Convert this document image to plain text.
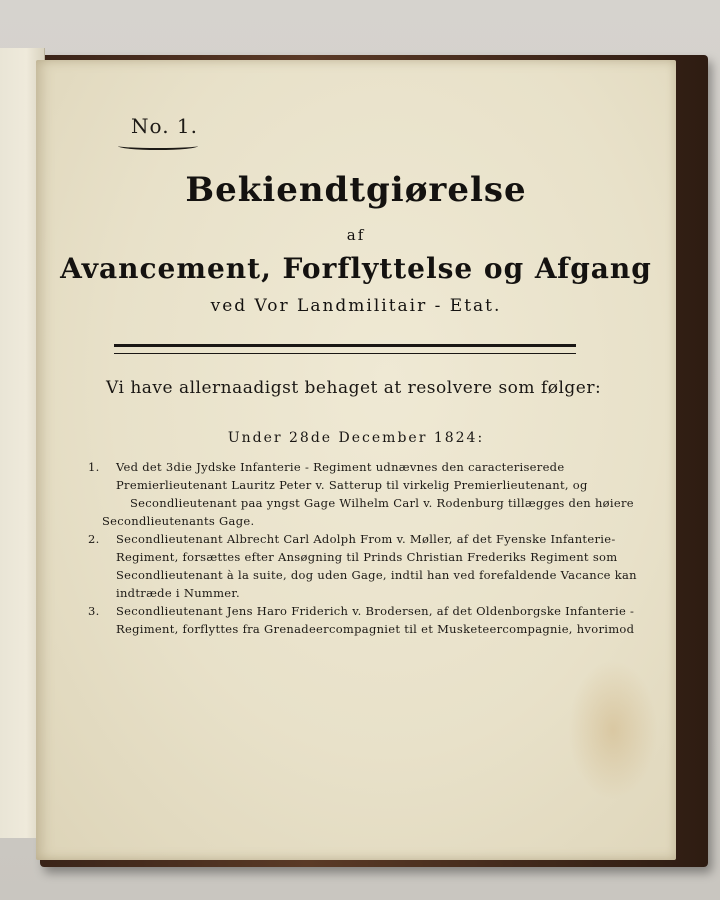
No. 1.
Bekiendtgiørelse
af
Avancement, Forflyttelse og Afgang
ved Vor Landmilitair - Etat.
Vi have allernaadigst behaget at resolvere som følger:
Under 28de December 1824:

1. Ved det 3die Jydske Infanterie - Regiment udnævnes den caracteriserede Premierlieutenant Lauritz Peter v. Satterup til virkelig Premierlieutenant, og

Secondlieutenant paa yngst Gage Wilhelm Carl v. Rodenburg tillægges den høiere Secondlieutenants Gage.

2. Secondlieutenant Albrecht Carl Adolph From v. Møller, af det Fyenske Infanterie-Regiment, forsættes efter Ansøgning til Prinds Christian Frederiks Regiment som Secondlieutenant à la suite, dog uden Gage, indtil han ved forefaldende Vacance kan indtræde i Nummer.

3. Secondlieutenant Jens Haro Friderich v. Brodersen, af det Oldenborgske Infanterie - Regiment, forflyttes fra Grenadeercompagniet til et Musketeercompagnie, hvorimod
